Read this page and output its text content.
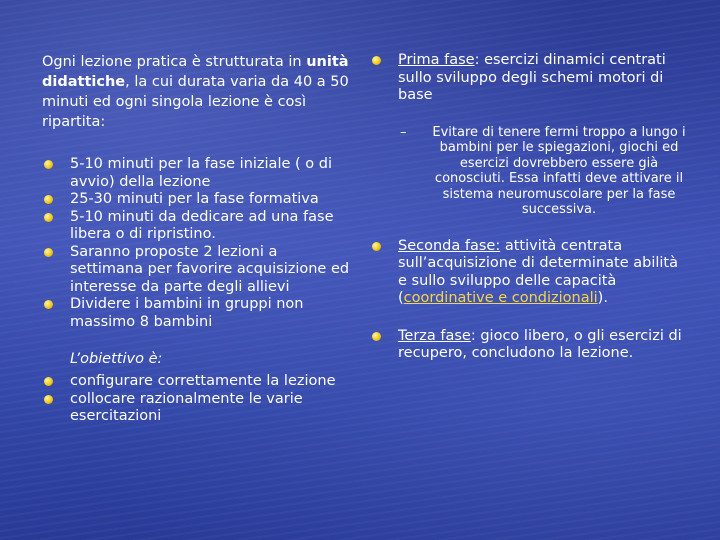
Ogni lezione pratica è strutturata in unità didattiche, la cui durata varia da 40 a 50 minuti ed ogni singola lezione è così ripartita:

5-10 minuti per la fase iniziale ( o di avvio) della lezione
25-30 minuti per la fase formativa
5-10 minuti da dedicare ad una fase libera o di ripristino.
Saranno proposte 2 lezioni a settimana per favorire acquisizione ed interesse da parte degli allievi
Dividere i bambini in gruppi non massimo 8 bambini

L’obiettivo è:

configurare correttamente la lezione
collocare razionalmente le varie esercitazioni
Prima fase: esercizi dinamici centrati sullo sviluppo degli schemi motori di base
– Evitare di tenere fermi troppo a lungo i bambini per le spiegazioni, giochi ed esercizi dovrebbero essere già conosciuti. Essa infatti deve attivare il sistema neuromuscolare per la fase successiva.
Seconda fase: attività centrata sull’acquisizione di determinate abilità e sullo sviluppo delle capacità (coordinative e condizionali).
Terza fase: gioco libero, o gli esercizi di recupero, concludono la lezione.
